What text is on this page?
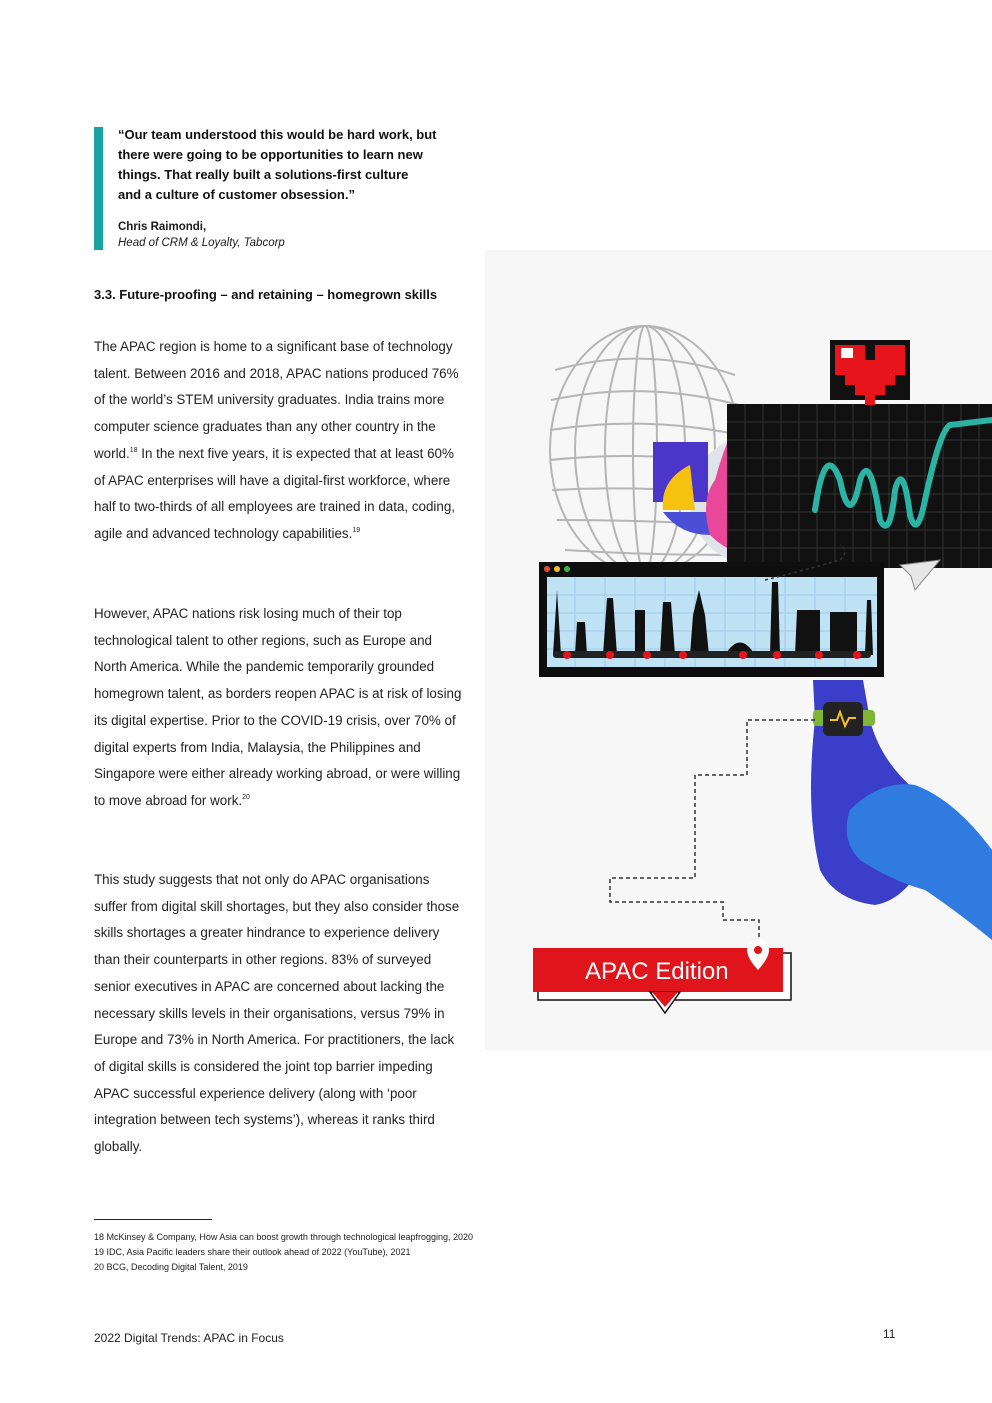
“Our team understood this would be hard work, but
there were going to be opportunities to learn new
things. That really built a solutions-first culture
and a culture of customer obsession.”
Chris Raimondi,
Head of CRM & Loyalty, Tabcorp
3.3. Future-proofing – and retaining – homegrown skills

The APAC region is home to a significant base of technology talent. Between 2016 and 2018, APAC nations produced 76% of the world’s STEM university graduates. India trains more computer science graduates than any other country in the world.$^{18}$ In the next five years, it is expected that at least 60% of APAC enterprises will have a digital-first workforce, where half to two-thirds of all employees are trained in data, coding, agile and advanced technology capabilities.$^{19}$

However, APAC nations risk losing much of their top technological talent to other regions, such as Europe and North America. While the pandemic temporarily grounded homegrown talent, as borders reopen APAC is at risk of losing its digital expertise. Prior to the COVID-19 crisis, over 70% of digital experts from India, Malaysia, the Philippines and Singapore were either already working abroad, or were willing to move abroad for work.$^{20}$

This study suggests that not only do APAC organisations suffer from digital skill shortages, but they also consider those skills shortages a greater hindrance to experience delivery than their counterparts in other regions. 83% of surveyed senior executives in APAC are concerned about lacking the necessary skills levels in their organisations, versus 79% in Europe and 73% in North America. For practitioners, the lack of digital skills is considered the joint top barrier impeding APAC successful experience delivery (along with ‘poor integration between tech systems’), whereas it ranks third globally.

18 McKinsey & Company, How Asia can boost growth through technological leapfrogging, 2020

19 IDC, Asia Pacific leaders share their outlook ahead of 2022 (YouTube), 2021

20 BCG, Decoding Digital Talent, 2019

2022 Digital Trends: APAC in Focus	11
APAC Edition
